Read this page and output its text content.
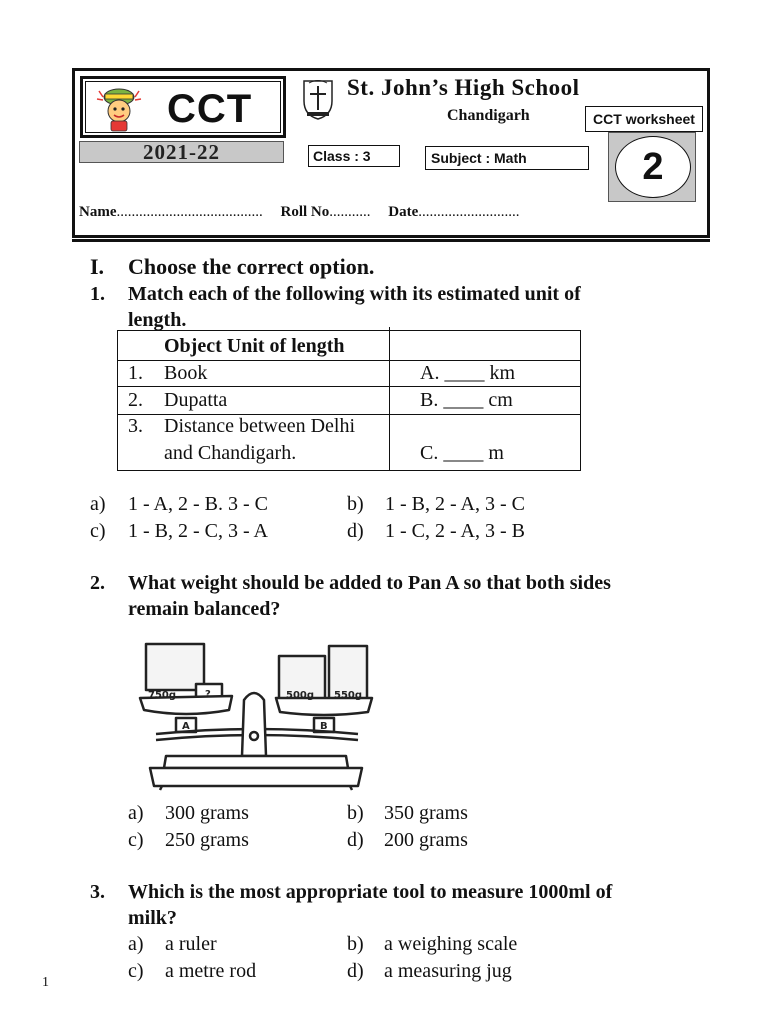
CCT
2021-22
St. John’s High School
Chandigarh	CCT worksheet
Class : 3	Subject : Math	2
Name....................................... Roll No........... Date...........................
I. Choose the correct option.
1. Match each of the following with its estimated unit of
length.
Object Unit of length
1. Book	A. ____ km
2. Dupatta	B. ____ cm
3. Distance between Delhi
and Chandigarh.	C. ____ m
a) 1 - A, 2 - B. 3 - C	b) 1 - B, 2 - A, 3 - C
c) 1 - B, 2 - C, 3 - A	d) 1 - C, 2 - A, 3 - B
2. What weight should be added to Pan A so that both sides
remain balanced?
750g	?	500g 550g
A	B
a) 300 grams	b) 350 grams
c) 250 grams	d) 200 grams
3. Which is the most appropriate tool to measure 1000ml of
milk?
a) a ruler	b) a weighing scale
c) a metre rod	d) a measuring jug
1
